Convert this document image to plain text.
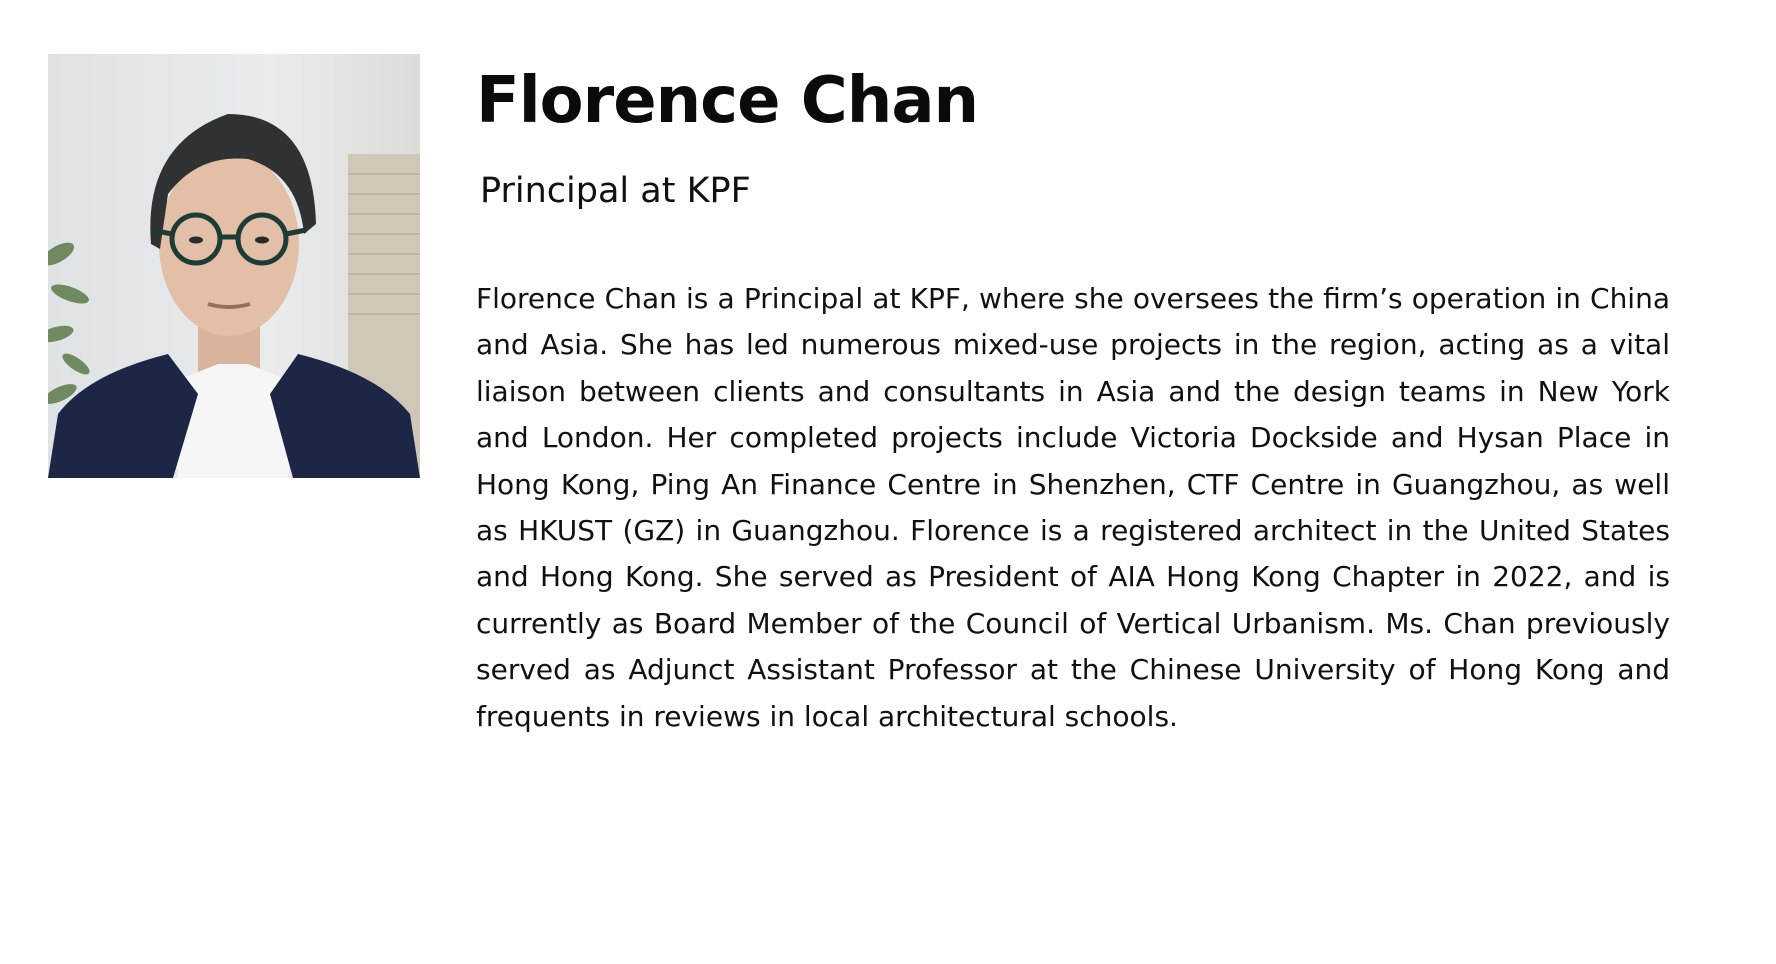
Florence Chan
Principal at KPF

Florence Chan is a Principal at KPF, where she oversees the firm’s operation in China and Asia. She has led numerous mixed-use projects in the region, acting as a vital liaison between clients and consultants in Asia and the design teams in New York and London. Her completed projects include Victoria Dockside and Hysan Place in Hong Kong, Ping An Finance Centre in Shenzhen, CTF Centre in Guangzhou, as well as HKUST (GZ) in Guangzhou. Florence is a registered architect in the United States and Hong Kong. She served as President of AIA Hong Kong Chapter in 2022, and is currently as Board Member of the Council of Vertical Urbanism. Ms. Chan previously served as Adjunct Assistant Professor at the Chinese University of Hong Kong and frequents in reviews in local architectural schools.
